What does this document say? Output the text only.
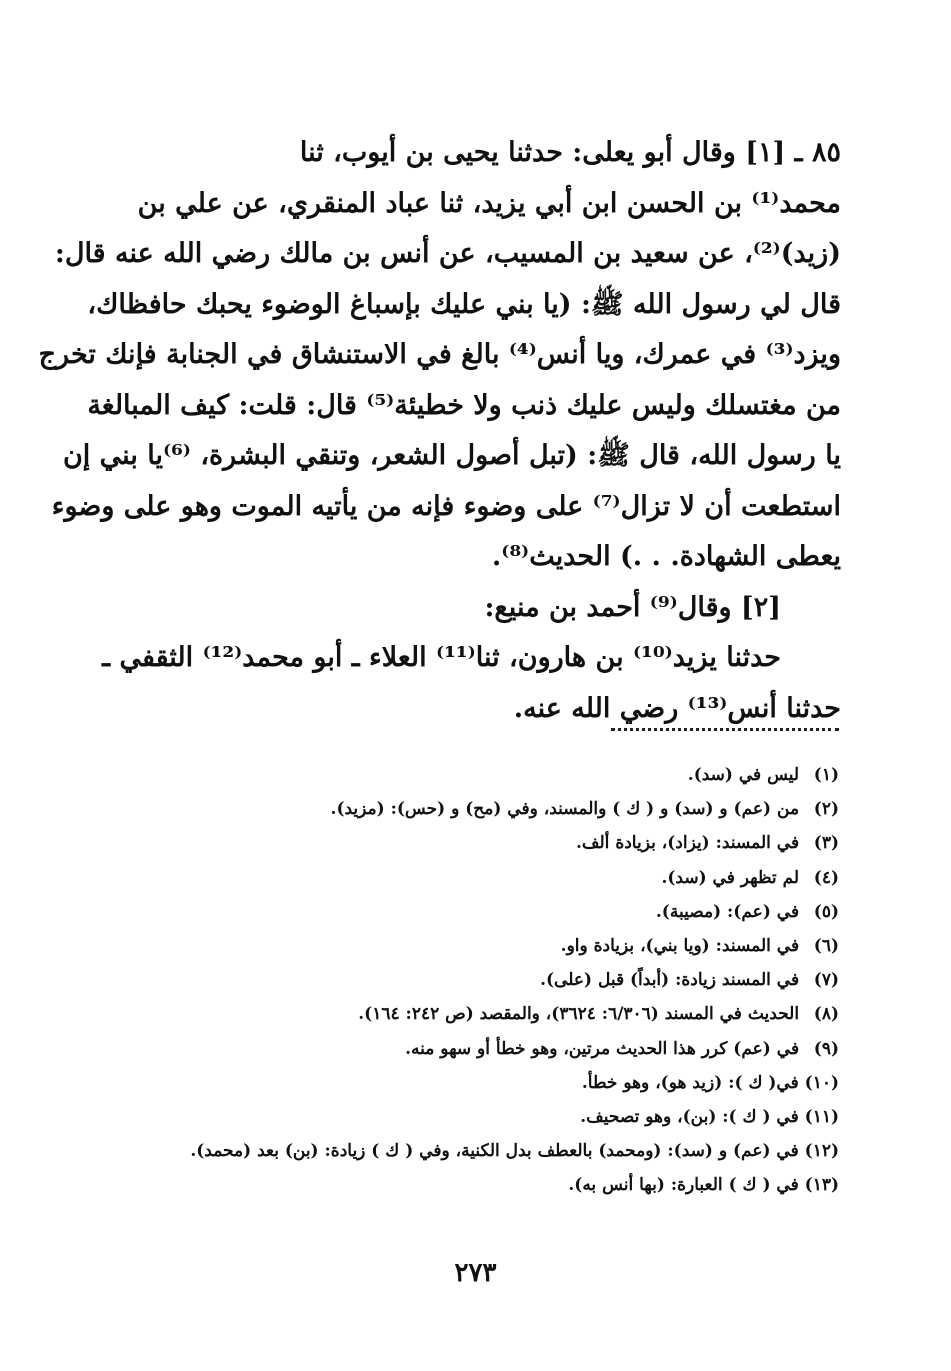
٨٥ ـ [١] وقال أبو يعلى: حدثنا يحيى بن أيوب، ثنا
محمد⁽¹⁾ بن الحسن ابن أبي يزيد، ثنا عباد المنقري، عن علي بن
(زيد)⁽²⁾، عن سعيد بن المسيب، عن أنس بن مالك رضي الله عنه قال:
قال لي رسول الله ﷺ: (يا بني عليك بإسباغ الوضوء يحبك حافظاك،
ويزد⁽³⁾ في عمرك، ويا أنس⁽⁴⁾ بالغ في الاستنشاق في الجنابة فإنك تخرج
من مغتسلك وليس عليك ذنب ولا خطيئة⁽⁵⁾ قال: قلت: كيف المبالغة
يا رسول الله، قال ﷺ: (تبل أصول الشعر، وتنقي البشرة، ⁽⁶⁾يا بني إن
استطعت أن لا تزال⁽⁷⁾ على وضوء فإنه من يأتيه الموت وهو على وضوء
يعطى الشهادة. . .) الحديث⁽⁸⁾.
[٢] وقال⁽⁹⁾ أحمد بن منيع:
حدثنا يزيد⁽¹⁰⁾ بن هارون، ثنا⁽¹¹⁾ العلاء ـ أبو محمد⁽¹²⁾ الثقفي ـ
حدثنا أنس⁽¹³⁾ رضي الله عنه.
(١) ليس في (سد).
(٢) من (عم) و (سد) و ( ك ) والمسند، وفي (مح) و (حس): (مزيد).
(٣) في المسند: (يزاد)، بزيادة ألف.
(٤) لم تظهر في (سد).
(٥) في (عم): (مصيبة).
(٦) في المسند: (ويا بني)، بزيادة واو.
(٧) في المسند زيادة: (أبداً) قبل (على).
(٨) الحديث في المسند (٦/٣٠٦: ٣٦٢٤)، والمقصد (ص ٢٤٢: ١٦٤).
(٩) في (عم) كرر هذا الحديث مرتين، وهو خطأ أو سهو منه.
(١٠) في( ك ): (زيد هو)، وهو خطأ.
(١١) في ( ك ): (بن)، وهو تصحيف.
(١٢) في (عم) و (سد): (ومحمد) بالعطف بدل الكنية، وفي ( ك ) زيادة: (بن) بعد (محمد).
(١٣) في ( ك ) العبارة: (بها أنس به).
٢٧٣
